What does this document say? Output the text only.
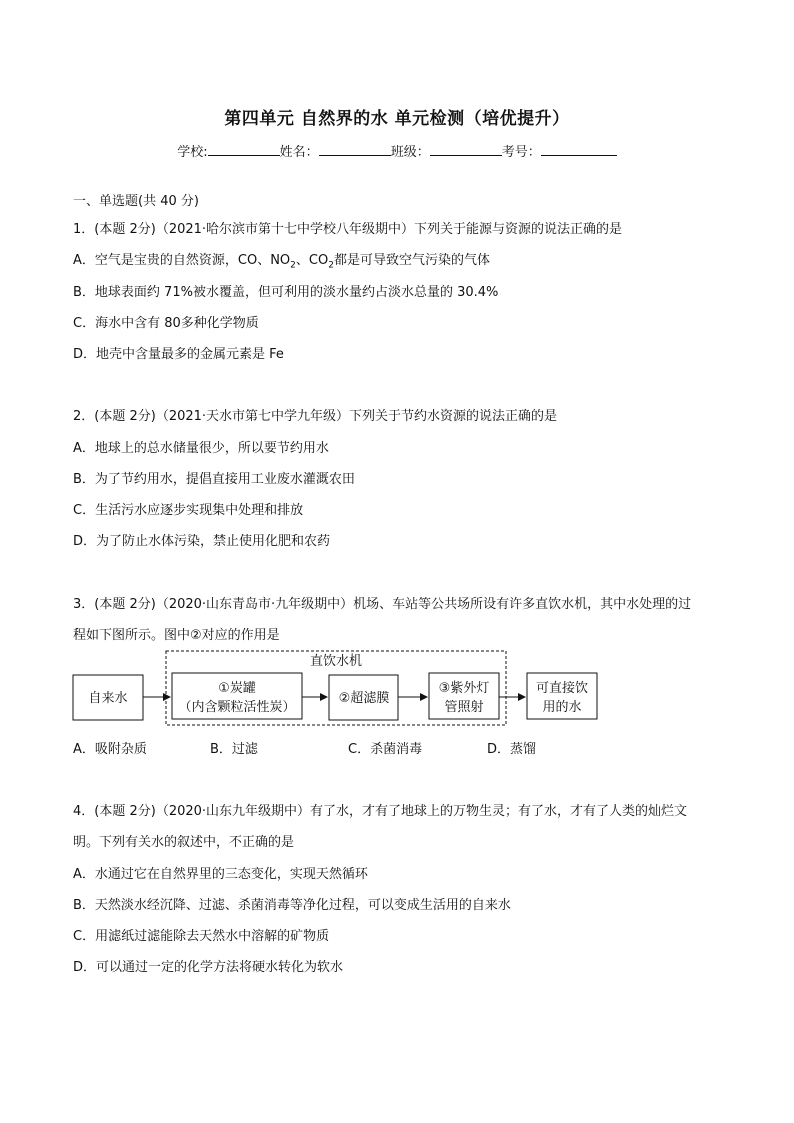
第四单元 自然界的水 单元检测（培优提升）
学校:	姓名：	班级：	考号：
一、单选题(共 40 分)
1．(本题 2分)（2021·哈尔滨市第十七中学校八年级期中）下列关于能源与资源的说法正确的是
A．空气是宝贵的自然资源，CO、$NO_2$、$CO_2$都是可导致空气污染的气体
B．地球表面约 71%被水覆盖，但可利用的淡水量约占淡水总量的 30.4%
C．海水中含有 80多种化学物质
D．地壳中含量最多的金属元素是 Fe
2．(本题 2分)（2021·天水市第七中学九年级）下列关于节约水资源的说法正确的是
A．地球上的总水储量很少，所以要节约用水
B．为了节约用水，提倡直接用工业废水灌溉农田
C．生活污水应逐步实现集中处理和排放
D．为了防止水体污染，禁止使用化肥和农药
3．(本题 2分)（2020·山东青岛市·九年级期中）机场、车站等公共场所设有许多直饮水机，其中水处理的过
程如下图所示。图中②对应的作用是
直饮水机
自来水
①炭罐
（内含颗粒活性炭）
②超滤膜
③紫外灯
管照射
可直接饮
用的水
A．吸附杂质	B．过滤	C．杀菌消毒	D．蒸馏
4．(本题 2分)（2020·山东九年级期中）有了水，才有了地球上的万物生灵；有了水，才有了人类的灿烂文
明。下列有关水的叙述中，不正确的是
A．水通过它在自然界里的三态变化，实现天然循环
B．天然淡水经沉降、过滤、杀菌消毒等净化过程，可以变成生活用的自来水
C．用滤纸过滤能除去天然水中溶解的矿物质
D．可以通过一定的化学方法将硬水转化为软水
